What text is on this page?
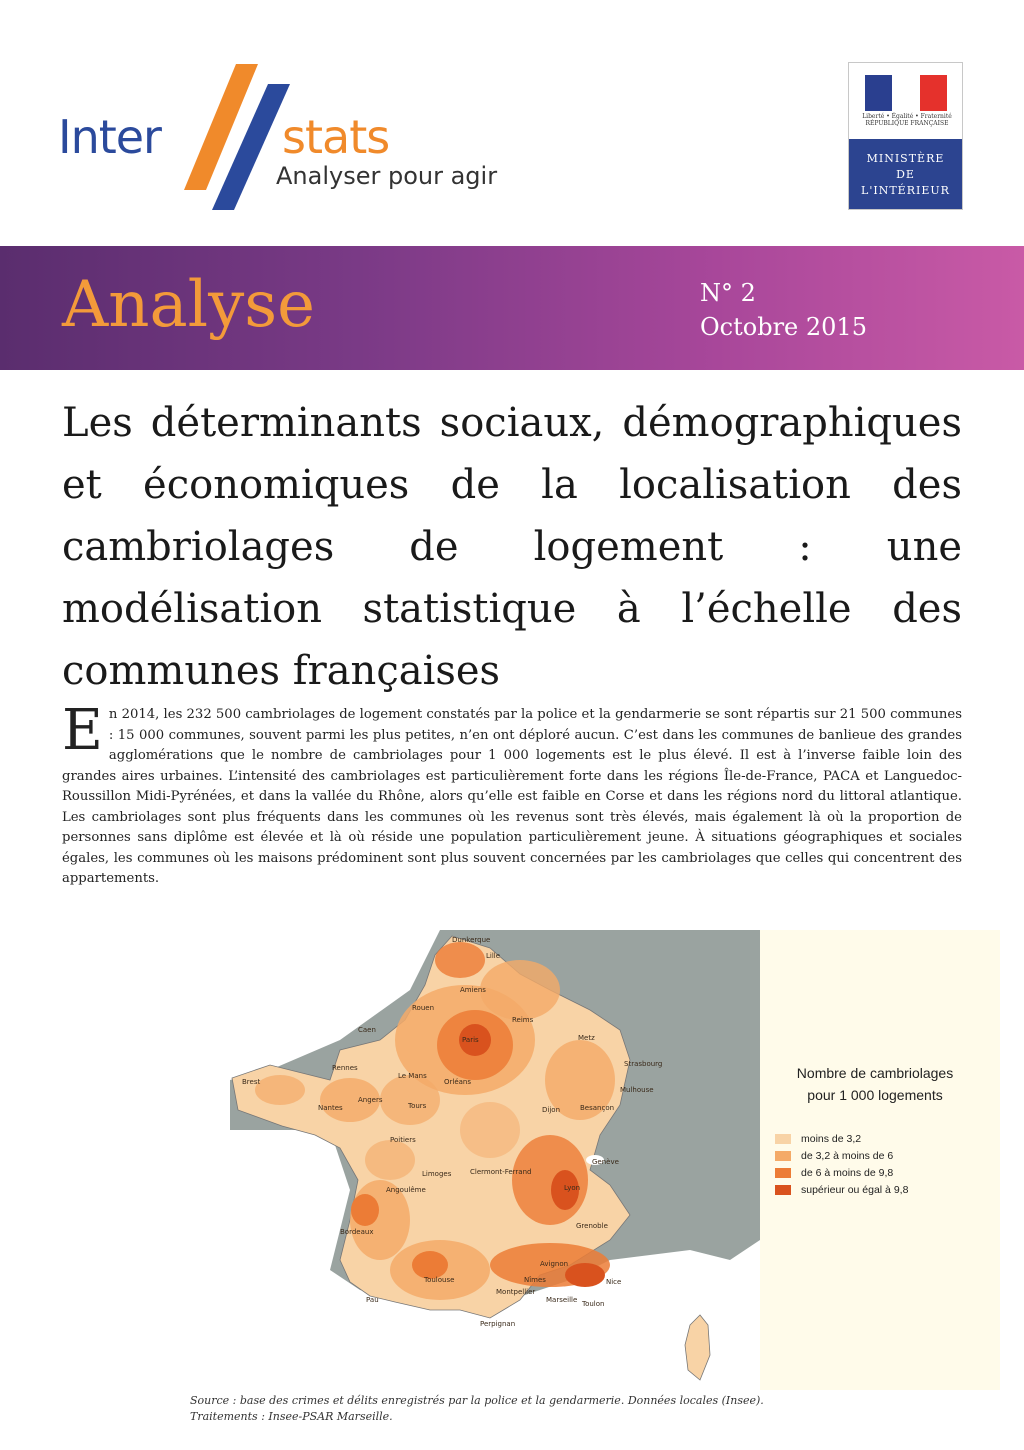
Inter	stats
Analyser pour agir
Liberté • Égalité • Fraternité
RÉPUBLIQUE FRANÇAISE
MINISTÈRE
DE
L'INTÉRIEUR
Analyse	N° 2
Octobre 2015
Les déterminants sociaux, démographiques et économiques de la localisation des cambriolages de logement : une modélisation statistique à l’échelle des communes françaises
E n 2014, les 232 500 cambriolages de logement constatés par la police et la gendarmerie se sont répartis sur 21 500 communes : 15 000 communes, souvent parmi les plus petites, n’en ont déploré aucun. C’est dans les communes de banlieue des grandes agglomérations que le nombre de cambriolages pour 1 000 logements est le plus élevé. Il est à l’inverse faible loin des grandes aires urbaines. L’intensité des cambriolages est particulièrement forte dans les régions Île-de-France, PACA et Languedoc-Roussillon Midi-Pyrénées, et dans la vallée du Rhône, alors qu’elle est faible en Corse et dans les régions nord du littoral atlantique. Les cambriolages sont plus fréquents dans les communes où les revenus sont très élevés, mais également là où la proportion de personnes sans diplôme est élevée et là où réside une population particulièrement jeune. À situations géographiques et sociales égales, les communes où les maisons prédominent sont plus souvent concernées par les cambriolages que celles qui concentrent des appartements.
Dunkerque
Lille
Amiens
Rouen
Caen
Reims
Paris	Metz
Strasbourg
Brest
Rennes
Le Mans
Orléans
Mulhouse
Nantes
Angers
Tours	Dijon	Besançon
Poitiers
Genève
Limoges	Clermont-Ferrand
Lyon
Angoulême
Grenoble
Bordeaux
Toulouse
Avignon
Nîmes
Montpellier
Marseille Toulon
Nice
Pau
Perpignan
Nombre de cambriolages
pour 1 000 logements
moins de 3,2
de 3,2 à moins de 6
de 6 à moins de 9,8
supérieur ou égal à 9,8
Source : base des crimes et délits enregistrés par la police et la gendarmerie. Données locales (Insee). Traitements : Insee-PSAR Marseille.
